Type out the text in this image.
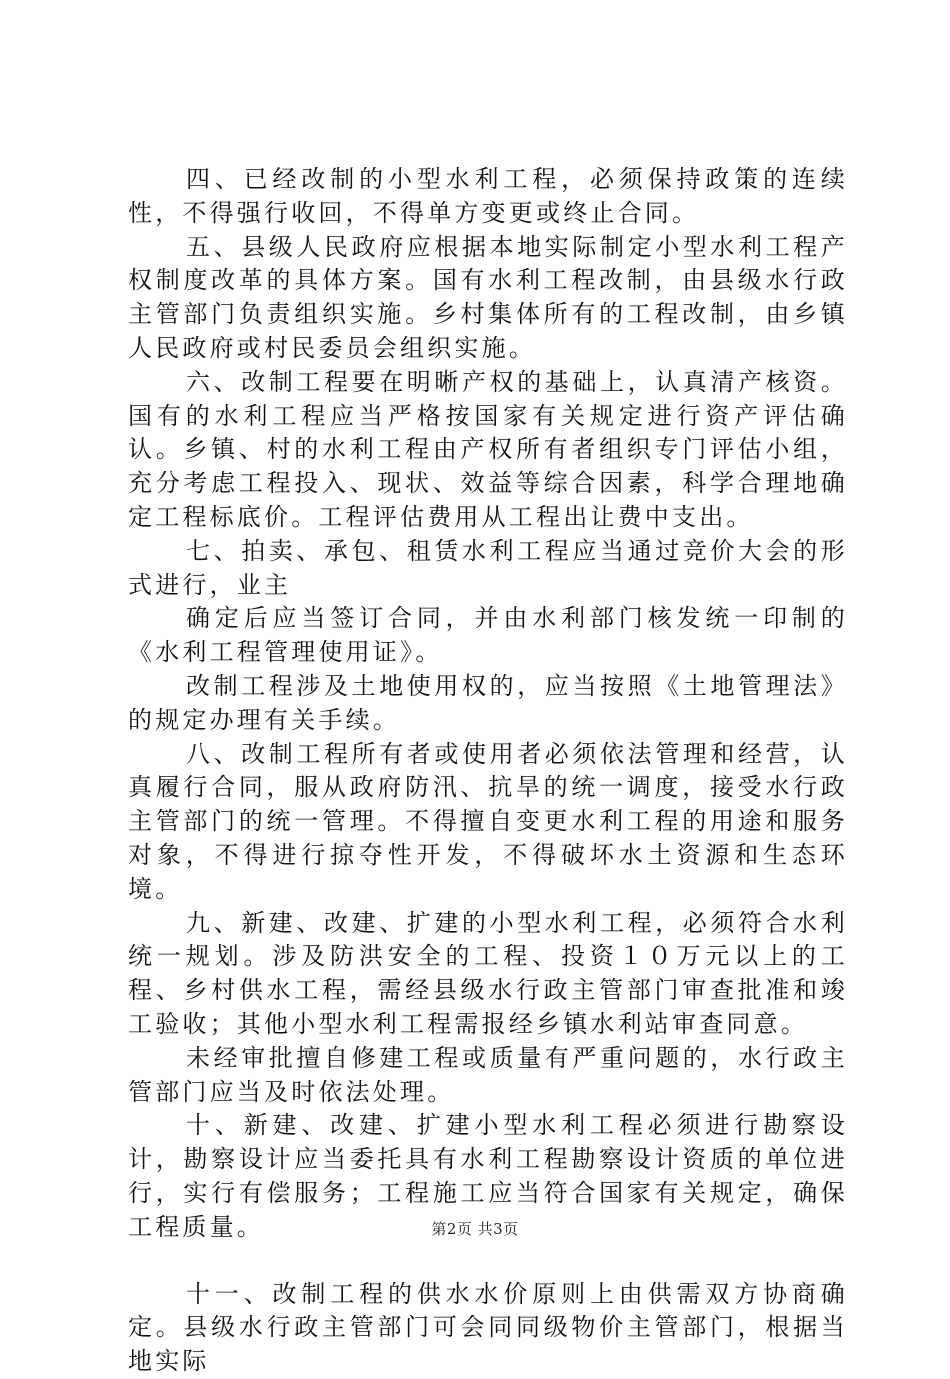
四、已经改制的小型水利工程，必须保持政策的连续性，不得强行收回，不得单方变更或终止合同。

五、县级人民政府应根据本地实际制定小型水利工程产权制度改革的具体方案。国有水利工程改制，由县级水行政主管部门负责组织实施。乡村集体所有的工程改制，由乡镇人民政府或村民委员会组织实施。

六、改制工程要在明晰产权的基础上，认真清产核资。国有的水利工程应当严格按国家有关规定进行资产评估确认。乡镇、村的水利工程由产权所有者组织专门评估小组，充分考虑工程投入、现状、效益等综合因素，科学合理地确定工程标底价。工程评估费用从工程出让费中支出。

七、拍卖、承包、租赁水利工程应当通过竞价大会的形式进行，业主

确定后应当签订合同，并由水利部门核发统一印制的《水利工程管理使用证》。

改制工程涉及土地使用权的，应当按照《土地管理法》的规定办理有关手续。

八、改制工程所有者或使用者必须依法管理和经营，认真履行合同，服从政府防汛、抗旱的统一调度，接受水行政主管部门的统一管理。不得擅自变更水利工程的用途和服务对象，不得进行掠夺性开发，不得破坏水土资源和生态环境。

九、新建、改建、扩建的小型水利工程，必须符合水利统一规划。涉及防洪安全的工程、投资１０万元以上的工程、乡村供水工程，需经县级水行政主管部门审查批准和竣工验收；其他小型水利工程需报经乡镇水利站审查同意。

未经审批擅自修建工程或质量有严重问题的，水行政主管部门应当及时依法处理。

十、新建、改建、扩建小型水利工程必须进行勘察设计，勘察设计应当委托具有水利工程勘察设计资质的单位进行，实行有偿服务；工程施工应当符合国家有关规定，确保工程质量。

十一、改制工程的供水水价原则上由供需双方协商确定。县级水行政主管部门可会同同级物价主管部门，根据当地实际

第2页 共3页
